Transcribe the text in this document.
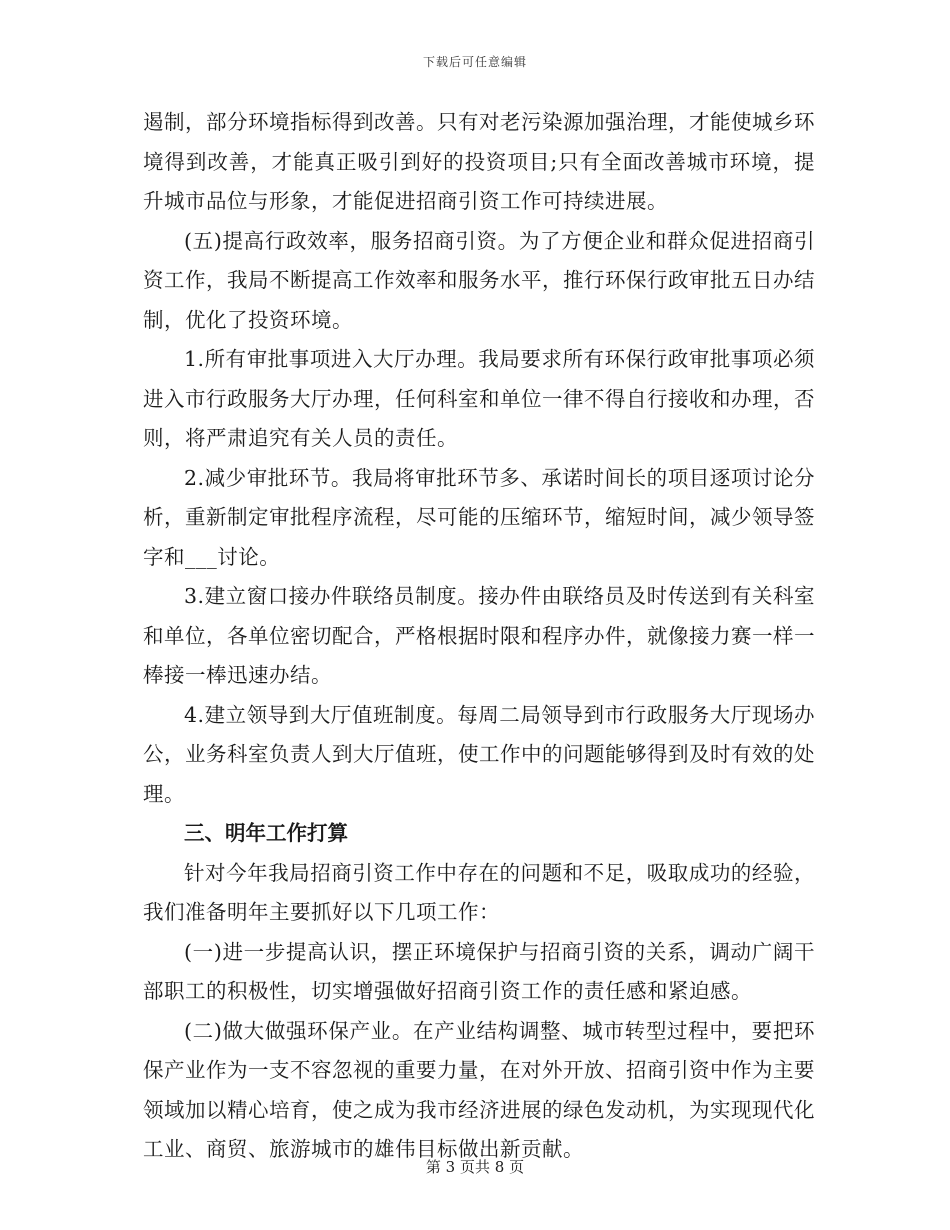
下载后可任意编辑

遏制，部分环境指标得到改善。只有对老污染源加强治理，才能使城乡环境得到改善，才能真正吸引到好的投资项目;只有全面改善城市环境，提升城市品位与形象，才能促进招商引资工作可持续进展。

(五)提高行政效率，服务招商引资。为了方便企业和群众促进招商引资工作，我局不断提高工作效率和服务水平，推行环保行政审批五日办结制，优化了投资环境。

1.所有审批事项进入大厅办理。我局要求所有环保行政审批事项必须进入市行政服务大厅办理，任何科室和单位一律不得自行接收和办理，否则，将严肃追究有关人员的责任。

2.减少审批环节。我局将审批环节多、承诺时间长的项目逐项讨论分析，重新制定审批程序流程，尽可能的压缩环节，缩短时间，减少领导签字和___讨论。

3.建立窗口接办件联络员制度。接办件由联络员及时传送到有关科室和单位，各单位密切配合，严格根据时限和程序办件，就像接力赛一样一棒接一棒迅速办结。

4.建立领导到大厅值班制度。每周二局领导到市行政服务大厅现场办公，业务科室负责人到大厅值班，使工作中的问题能够得到及时有效的处理。

三、明年工作打算

针对今年我局招商引资工作中存在的问题和不足，吸取成功的经验，我们准备明年主要抓好以下几项工作：

(一)进一步提高认识，摆正环境保护与招商引资的关系，调动广阔干部职工的积极性，切实增强做好招商引资工作的责任感和紧迫感。

(二)做大做强环保产业。在产业结构调整、城市转型过程中，要把环保产业作为一支不容忽视的重要力量，在对外开放、招商引资中作为主要领域加以精心培育，使之成为我市经济进展的绿色发动机，为实现现代化工业、商贸、旅游城市的雄伟目标做出新贡献。

第 3 页共 8 页
